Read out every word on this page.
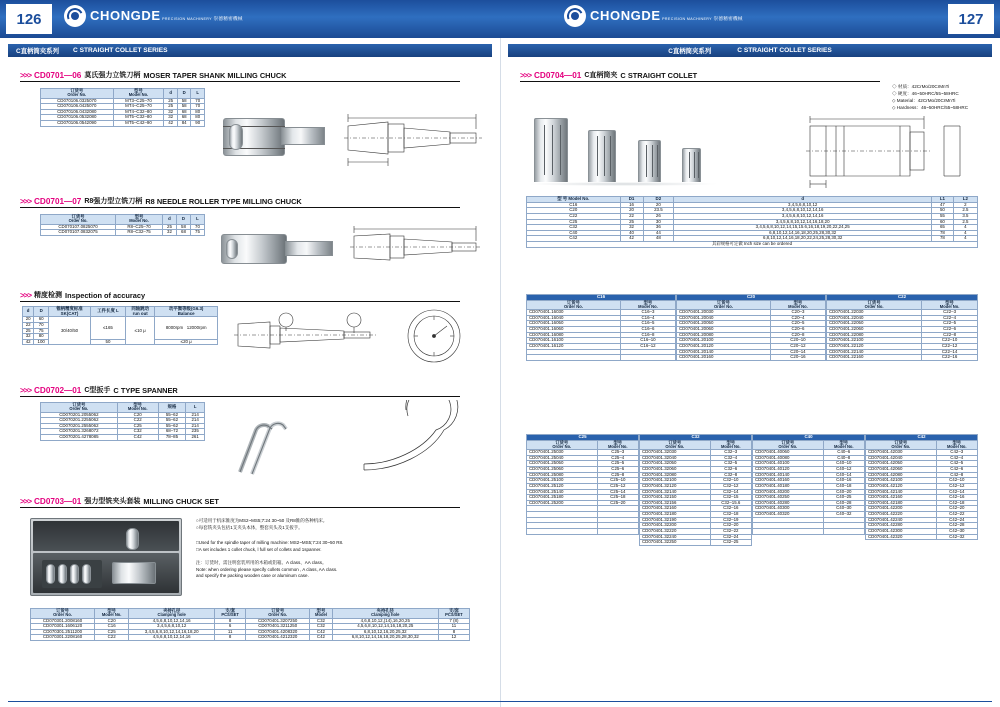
126	127
CHONGDE PRECISION MACHINERY 崇德精密機械	CHONGDE PRECISION MACHINERY 崇德精密機械
C直柄筒夹系列 C STRAIGHT COLLET SERIES
>>> CD0701—06 莫氏强力立铣刀柄 MOSER TAPER SHANK MILLING CHUCK
订货号
Order No.	型号
Model No.	d	D	L

CD070106.0325070	MT3–C25–70	25	58	70
CD070106.0425070	MT4–C25–70	25	58	70
CD070106.0432080	MT4–C32–80	32	68	80
CD070106.0532080	MT5–C32–80	32	68	80
CD070106.0542090	MT5–C42–90	42	84	90
>>> CD0701—07 R8强力型立铣刀柄 R8 NEEDLE ROLLER TYPE MILLING CHUCK
订货号
Order No.	型号
Model No.	d	D	L

CD070107.0825070	R8–C25–70	25	58	70
CD070107.0832075	R8–C32–75	32	68	75
>>> 精度检测 Inspection of accuracy
d	D	锥柄精度标准
SK(CAT)	工件长度 L	同轴跳动
run out	动平衡等级(G6.3)
Balance

20	60	30/40/50	≤165	≤10 μ	8000rpm   12000rpm
22	70				
25	75				
32	80				
42	100		50		≤20 μ
>>> CD0702—01 C型扳手 C TYPE SPANNER
订货号
Order No.	型号
Model No.	规格	L

CD070201.2055062	C20	55–62	214
CD070201.2255062	C22	55–62	214
CD070201.2555062	C25	55–62	214
CD070201.3268072	C32	68–72	235
CD070201.4278085	C42	78–85	261
>>> CD0703—01 强力型铣夹头套装 MILLING CHUCK SET
○可适用于机床锥度为MS2~MS5;7:24 30~50 及R8锥的各种机床。
○每套铣夹头包括1支夹头本体，整套夹头及1支扳手。
□Used for the spindle taper of milling machine: MS2~MS5;7:24 30~50 R8.
□A set includes 1 collet chuck, l full set of collets and 1spanner.
注：订货时，需注明套装所用的木箱或铝箱。A class、AA class。
Note: when ordering please specify collets common , A class, AA class.
and specify the packing wooden case or aluminum case.
订货号
Order No.	型号
Model No.	夹持孔径
Clamping hole	支/套
PCS/SET	订货号
Order No.	型号
Model	夹持孔径
Clamping hole	支/套
PCS/SET

CD070301.2008160	C20	4,5,6,8,10,12,14,16	8	CD070401.3207250	C32	4,6,8,10,12,(14),16,20,25	7 (8)
CD070301.1606120	C16	3,4,5,6,8,10,12	6	CD070401.3211250	C32	4,5,6,8,10,12,14,16,18,20,25	11
CD070301.2511200	C25	3,4,5,6,8,10,12,14,16,18,20	11	CD070401.4208320	C42	6,8,10,12,16,20,25,32	8
CD070301.2208160	C22	4,5,6,8,10,12,14,16	8	CD070401.4212320	C42	6,8,10,12,14,16,18,20,25,28,30,32	12
C直柄筒夹系列	C STRAIGHT COLLET SERIES
>>> CD0704—01 C直柄筒夹 C STRAIGHT COLLET
◇ 材质：42CrMo/20CrMnTi
◇ 硬度：46~50HRC/55~58HRC
◇ Material：42CrMo/20CrMnTi
◇ Hardness：46~50HRC/55~58HRC
型 号 Model No.	D1	D2	d	L1	L2

C16	16	20	3,4,5,6,8,10,12	47	2
C20	20	23.5	3,4,5,6,8,10,12,14,16	50	2.5
C22	22	26	3,4,5,6,8,10,12,14,16	55	3.5
C25	25	30	3,4,5,6,8,10,12,14,16,18,20	60	2.5
C32	32	36	3,4,5,6,8,10,12,14,15,15.6,16,18,19,20,22,24,25	65	4
C40	40	44	6,8,10,12,14,16,18,20,25,28,30,32	78	4
C42	42	48	6,8,10,12,14,16,18,20,22,24,25,28,30,32	78	4
其彩规格可定做 Inch size can be ordered					
C16	

订货号
Order No.	型号
Model No.

CD070401.16030	C16–3
CD070401.16040	C16–4
CD070401.16050	C16–5
CD070401.16060	C16–6
CD070401.16080	C16–8
CD070401.16100	C16–10
CD070401.16120	C16–12

C20	

订货号
Order No.	型号
Model No.

CD070401.20030	C20–3
CD070401.20040	C20–4
CD070401.20050	C20–5
CD070401.20060	C20–6
CD070401.20080	C20–8
CD070401.20100	C20–10
CD070401.20120	C20–12
CD070401.20140	C20–14
CD070401.20160	C20–16
C22	

订货号
Order No.	型号
Model No.

CD070401.22030	C22–3
CD070401.22040	C22–4
CD070401.22050	C22–5
CD070401.22060	C22–6
CD070401.22080	C22–8
CD070401.22100	C22–10
CD070401.22120	C22–12
CD070401.22140	C22–14
CD070401.22160	C22–16
C25	

订货号
Order No.	型号
Model No.

CD070401.25030	C25–3
CD070401.25040	C25–4
CD070401.25050	C25–5
CD070401.25060	C25–6
CD070401.25080	C25–8
CD070401.25100	C25–10
CD070401.25120	C25–12
CD070401.25140	C25–14
CD070401.25180	C25–18
CD070401.25200	C25–20

C32	

订货号
Order No.	型号
Model No.

CD070401.32030	C32–3
CD070401.32040	C32–4
CD070401.32050	C32–5
CD070401.32060	C32–6
CD070401.32080	C32–8
CD070401.32100	C32–10
CD070401.32120	C32–12
CD070401.32140	C32–14
CD070401.32150	C32–15
CD070401.32156	C32–15.6
CD070401.32160	C32–16
CD070401.32180	C32–18
CD070401.32190	C32–19
CD070401.32200	C32–20
CD070401.32220	C32–22
CD070401.32240	C32–24
CD070401.32250	C32–25
C40	

订货号
Order No.	型号
Model No.

CD070401.40060	C40–6
CD070401.40080	C40–8
CD070401.40100	C40–10
CD070401.40120	C40–12
CD070401.40140	C40–14
CD070401.40160	C40–16
CD070401.40180	C40–18
CD070401.40200	C40–20
CD070401.40250	C40–25
CD070401.40280	C40–28
CD070401.40300	C40–30
CD070401.40320	C40–32

C42	

订货号
Order No.	型号
Model No.

CD070401.42030	C42–3
CD070401.42040	C42–4
CD070401.42050	C42–5
CD070401.42060	C42–6
CD070401.42080	C42–8
CD070401.42100	C42–10
CD070401.42120	C42–12
CD070401.42140	C42–14
CD070401.42160	C42–16
CD070401.42180	C42–18
CD070401.42200	C42–20
CD070401.42220	C42–22
CD070401.42240	C42–24
CD070401.42280	C42–28
CD070401.42300	C42–30
CD070401.42320	C42–32
